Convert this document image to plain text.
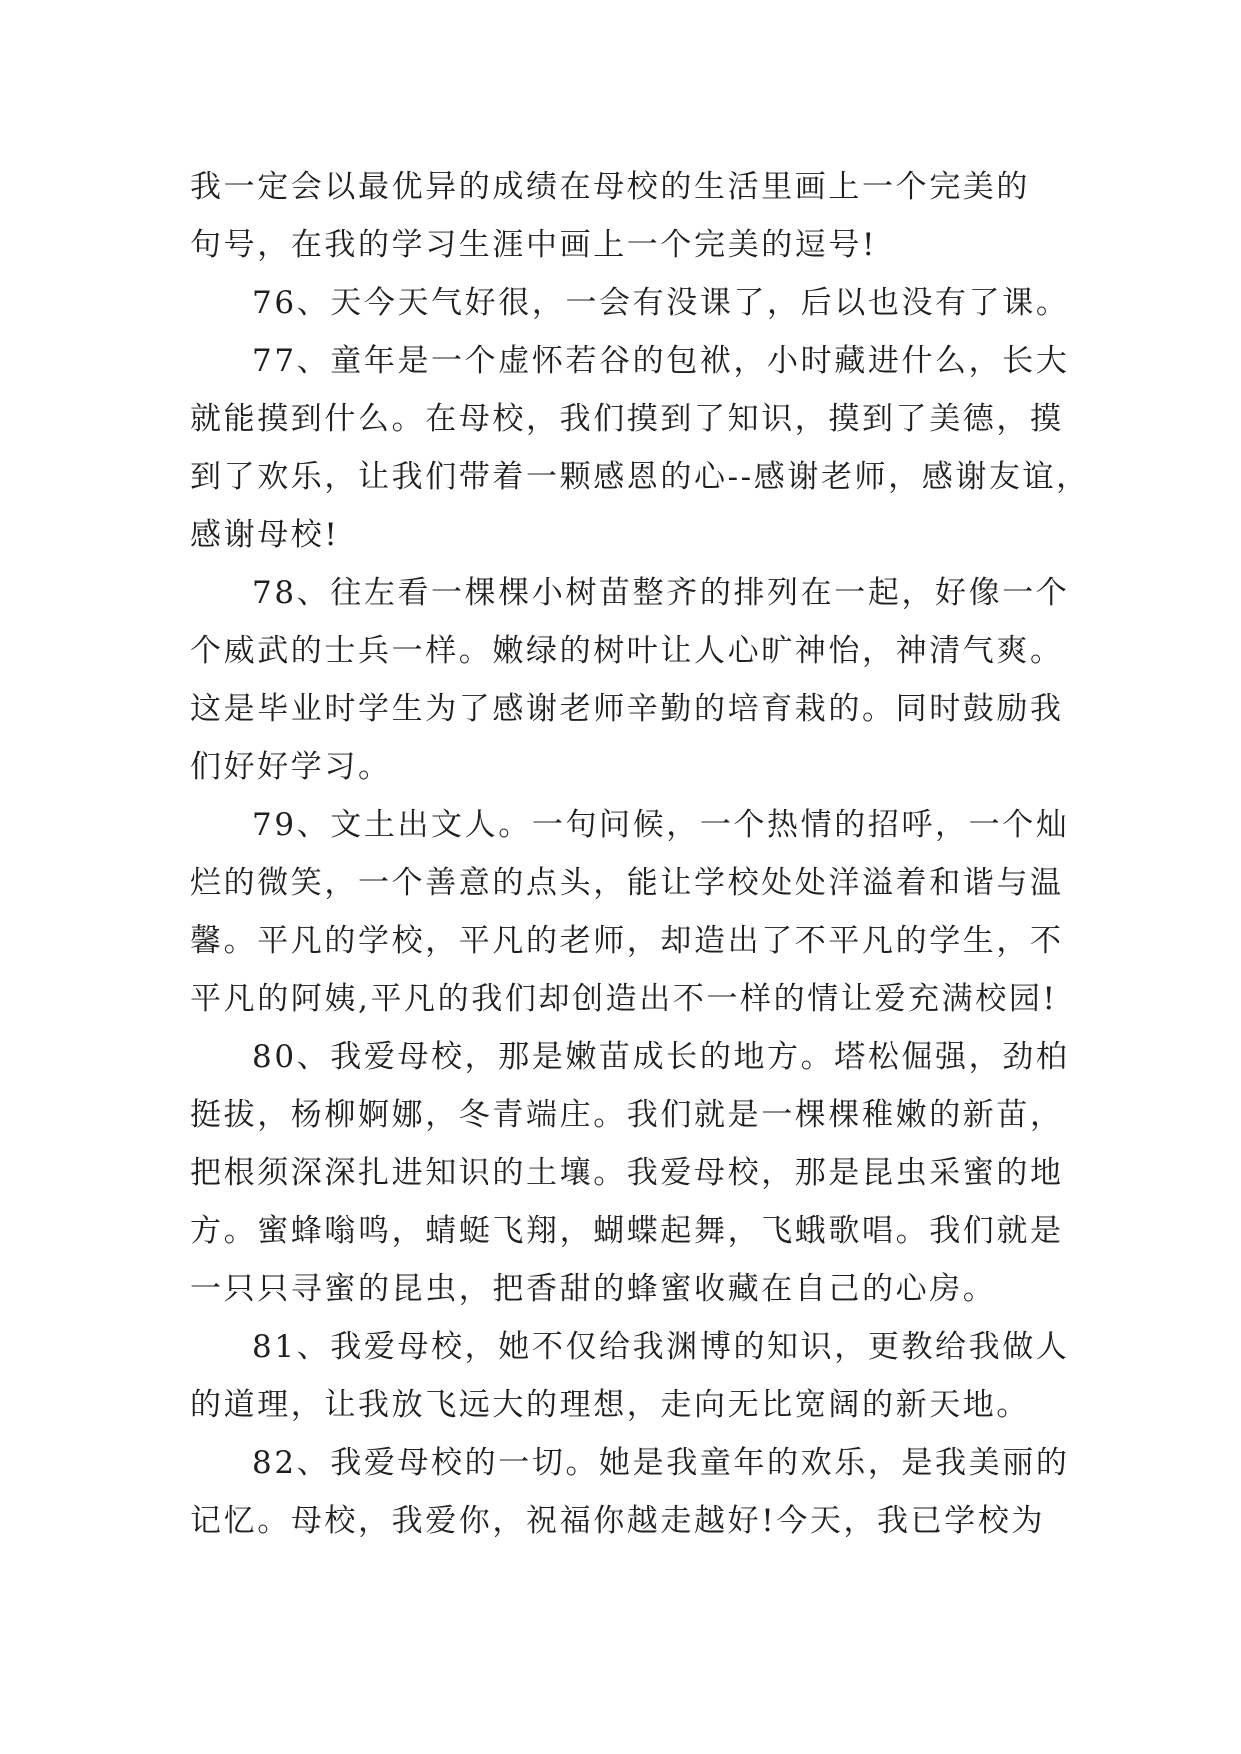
我一定会以最优异的成绩在母校的生活里画上一个完美的
句号，在我的学习生涯中画上一个完美的逗号!
76、天今天气好很，一会有没课了，后以也没有了课。
77、童年是一个虚怀若谷的包袱，小时藏进什么，长大
就能摸到什么。在母校，我们摸到了知识，摸到了美德，摸
到了欢乐，让我们带着一颗感恩的心--感谢老师，感谢友谊，
感谢母校!
78、往左看一棵棵小树苗整齐的排列在一起，好像一个
个威武的士兵一样。嫩绿的树叶让人心旷神怡，神清气爽。
这是毕业时学生为了感谢老师辛勤的培育栽的。同时鼓励我
们好好学习。
79、文土出文人。一句问候，一个热情的招呼，一个灿
烂的微笑，一个善意的点头，能让学校处处洋溢着和谐与温
馨。平凡的学校，平凡的老师，却造出了不平凡的学生，不
平凡的阿姨,平凡的我们却创造出不一样的情让爱充满校园!
80、我爱母校，那是嫩苗成长的地方。塔松倔强，劲柏
挺拔，杨柳婀娜，冬青端庄。我们就是一棵棵稚嫩的新苗，
把根须深深扎进知识的土壤。我爱母校，那是昆虫采蜜的地
方。蜜蜂嗡鸣，蜻蜓飞翔，蝴蝶起舞，飞蛾歌唱。我们就是
一只只寻蜜的昆虫，把香甜的蜂蜜收藏在自己的心房。
81、我爱母校，她不仅给我渊博的知识，更教给我做人
的道理，让我放飞远大的理想，走向无比宽阔的新天地。
82、我爱母校的一切。她是我童年的欢乐，是我美丽的
记忆。母校，我爱你，祝福你越走越好!今天，我已学校为
